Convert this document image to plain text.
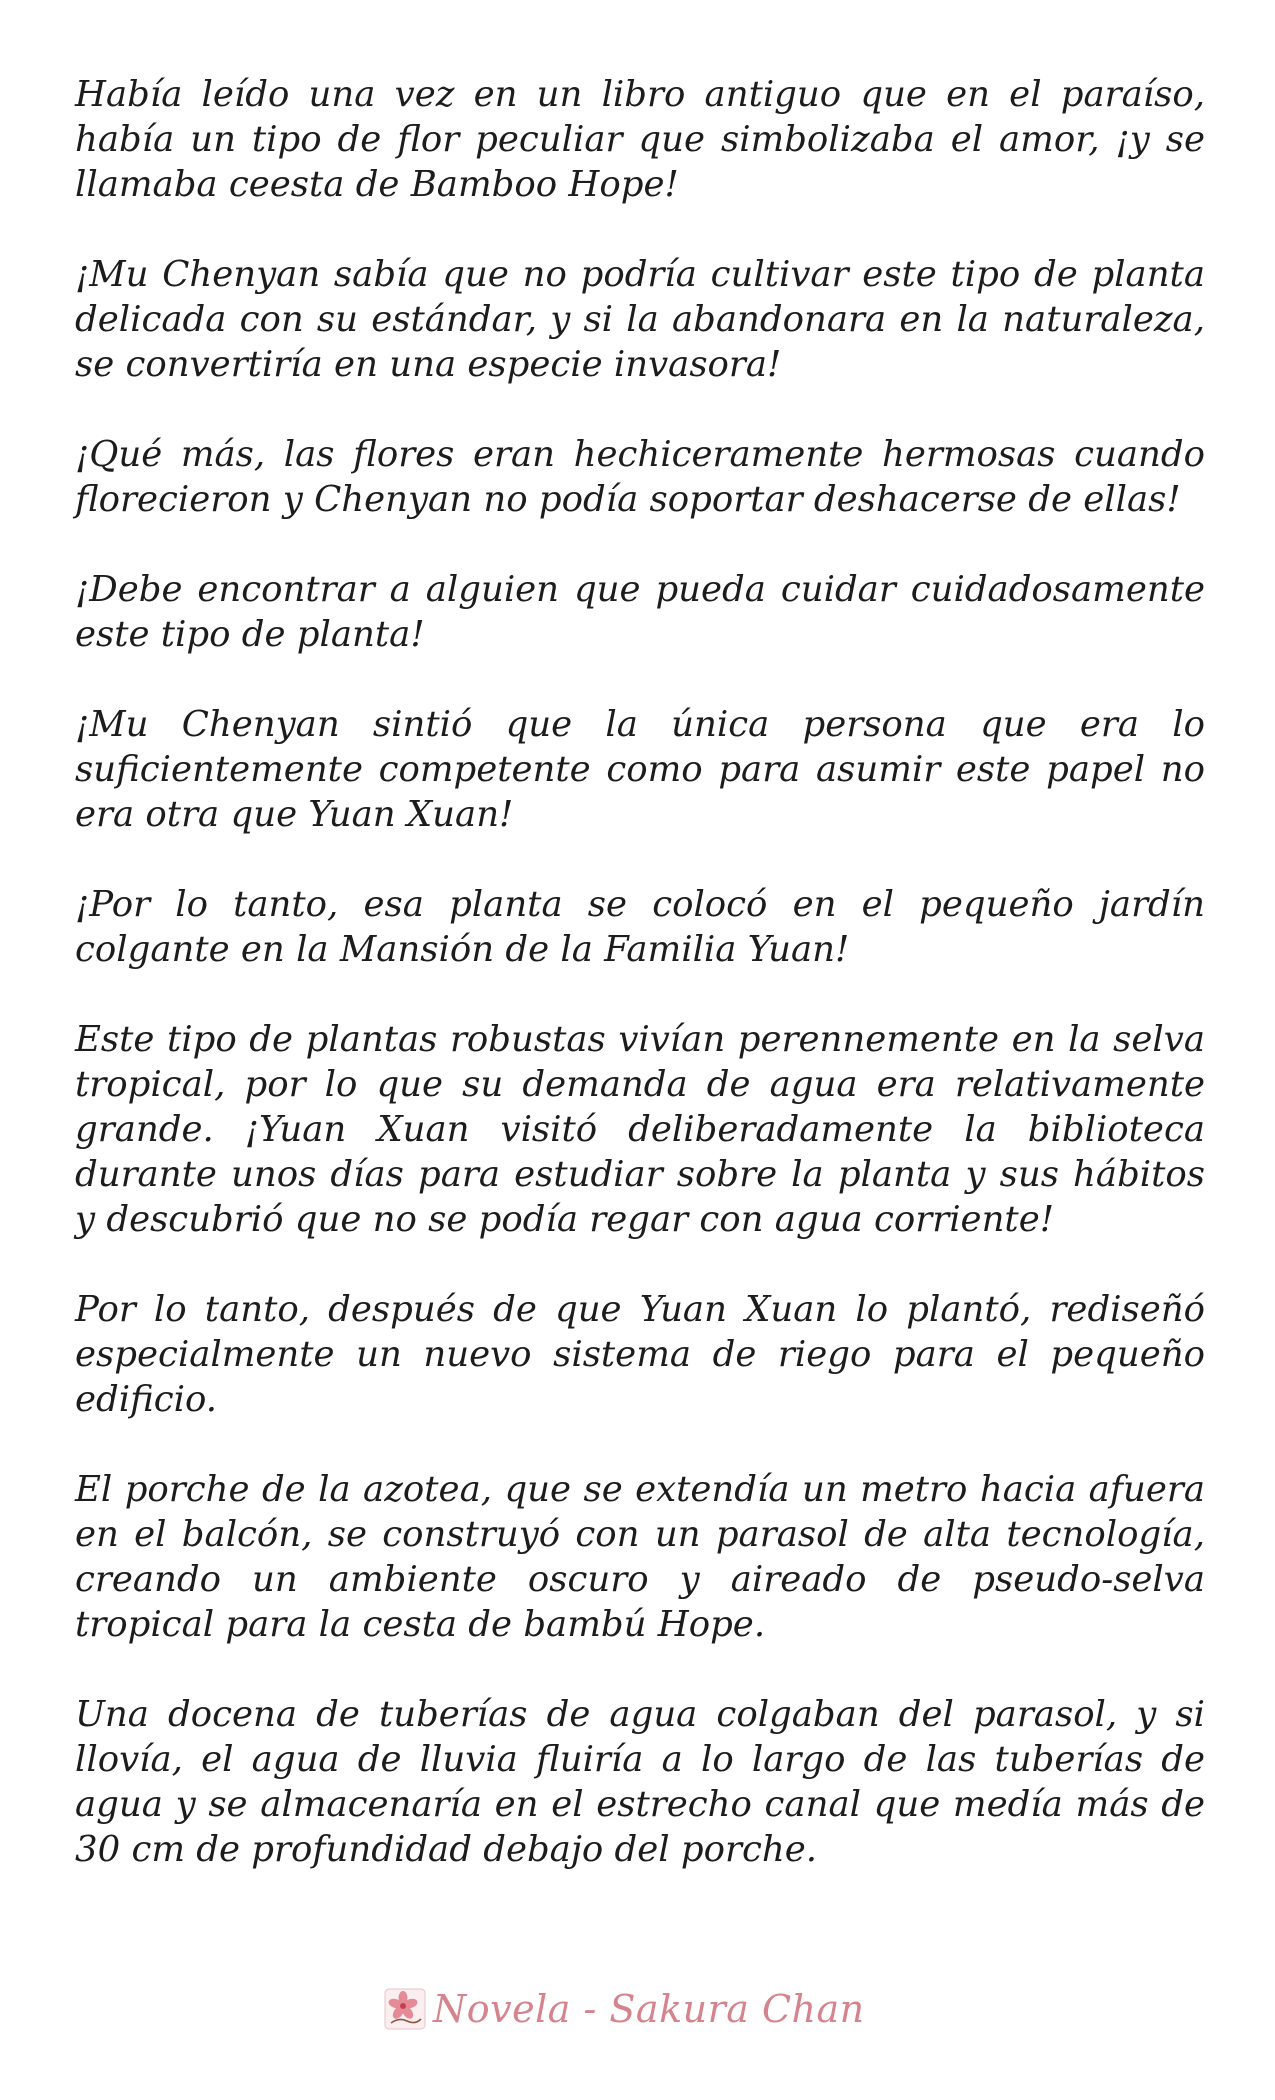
Había leído una vez en un libro antiguo que en el paraíso, había un tipo de flor peculiar que simbolizaba el amor, ¡y se llamaba ceesta de Bamboo Hope!

¡Mu Chenyan sabía que no podría cultivar este tipo de planta delicada con su estándar, y si la abandonara en la naturaleza, se convertiría en una especie invasora!

¡Qué más, las flores eran hechiceramente hermosas cuando florecieron y Chenyan no podía soportar deshacerse de ellas!

¡Debe encontrar a alguien que pueda cuidar cuidadosamente este tipo de planta!

¡Mu Chenyan sintió que la única persona que era lo suficientemente competente como para asumir este papel no era otra que Yuan Xuan!

¡Por lo tanto, esa planta se colocó en el pequeño jardín colgante en la Mansión de la Familia Yuan!

Este tipo de plantas robustas vivían perennemente en la selva tropical, por lo que su demanda de agua era relativamente grande. ¡Yuan Xuan visitó deliberadamente la biblioteca durante unos días para estudiar sobre la planta y sus hábitos y descubrió que no se podía regar con agua corriente!

Por lo tanto, después de que Yuan Xuan lo plantó, rediseñó especialmente un nuevo sistema de riego para el pequeño edificio.

El porche de la azotea, que se extendía un metro hacia afuera en el balcón, se construyó con un parasol de alta tecnología, creando un ambiente oscuro y aireado de pseudo-selva tropical para la cesta de bambú Hope.

Una docena de tuberías de agua colgaban del parasol, y si llovía, el agua de lluvia fluiría a lo largo de las tuberías de agua y se almacenaría en el estrecho canal que medía más de 30 cm de profundidad debajo del porche.

Novela - Sakura Chan
